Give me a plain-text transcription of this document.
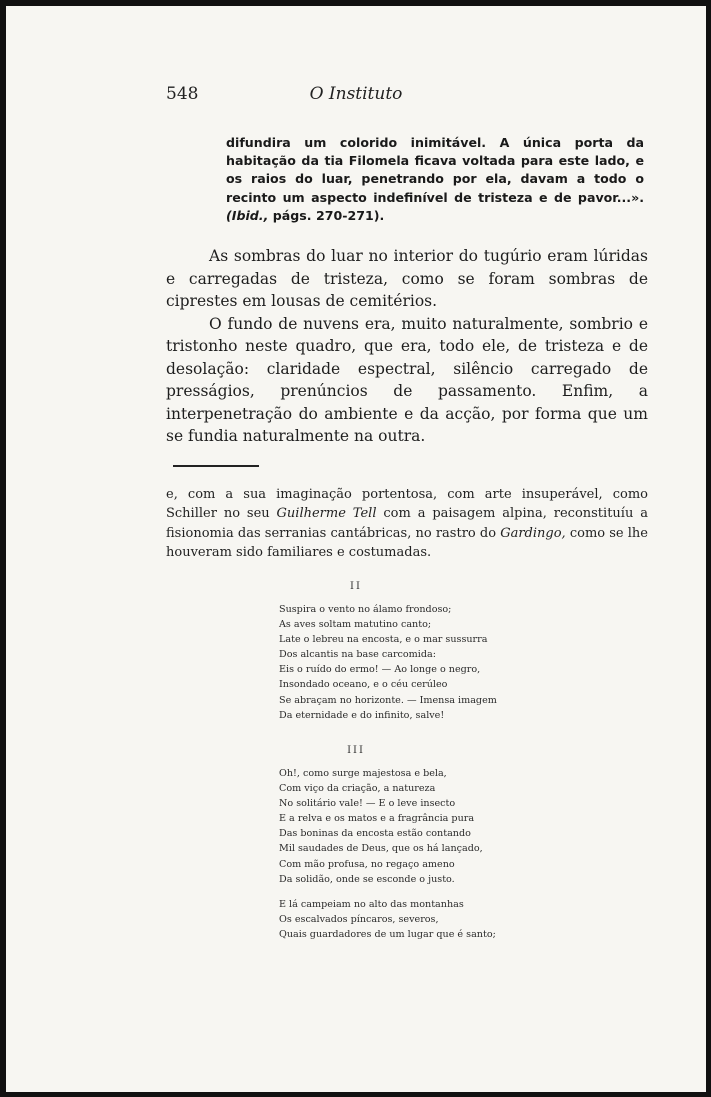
548	O Instituto
difundira um colorido inimitável. A única porta da habitação da tia Filomela ficava voltada para este lado, e os raios do luar, penetrando por ela, davam a todo o recinto um aspecto indefinível de tristeza e de pavor...». (Ibid., págs. 270-271).

As sombras do luar no interior do tugúrio eram lúridas e carregadas de tristeza, como se foram sombras de ciprestes em lousas de cemitérios.

O fundo de nuvens era, muito naturalmente, sombrio e tristonho neste quadro, que era, todo ele, de tristeza e de desolação: claridade espectral, silêncio carregado de presságios, prenúncios de passamento. Enfim, a interpenetração do ambiente e da acção, por forma que um se fundia naturalmente na outra.

e, com a sua imaginação portentosa, com arte insuperável, como Schiller no seu Guilherme Tell com a paisagem alpina, reconstituíu a fisionomia das serranias cantábricas, no rastro do Gardingo, como se lhe houveram sido familiares e costumadas.
II
Suspira o vento no álamo frondoso;
As aves soltam matutino canto;
Late o lebreu na encosta, e o mar sussurra
Dos alcantis na base carcomida:
Eis o ruído do ermo! — Ao longe o negro,
Insondado oceano, e o céu cerúleo
Se abraçam no horizonte. — Imensa imagem
Da eternidade e do infinito, salve!
III
Oh!, como surge majestosa e bela,
Com viço da criação, a natureza
No solitário vale! — E o leve insecto
E a relva e os matos e a fragrância pura
Das boninas da encosta estão contando
Mil saudades de Deus, que os há lançado,
Com mão profusa, no regaço ameno
Da solidão, onde se esconde o justo.
E lá campeiam no alto das montanhas
Os escalvados píncaros, severos,
Quais guardadores de um lugar que é santo;
